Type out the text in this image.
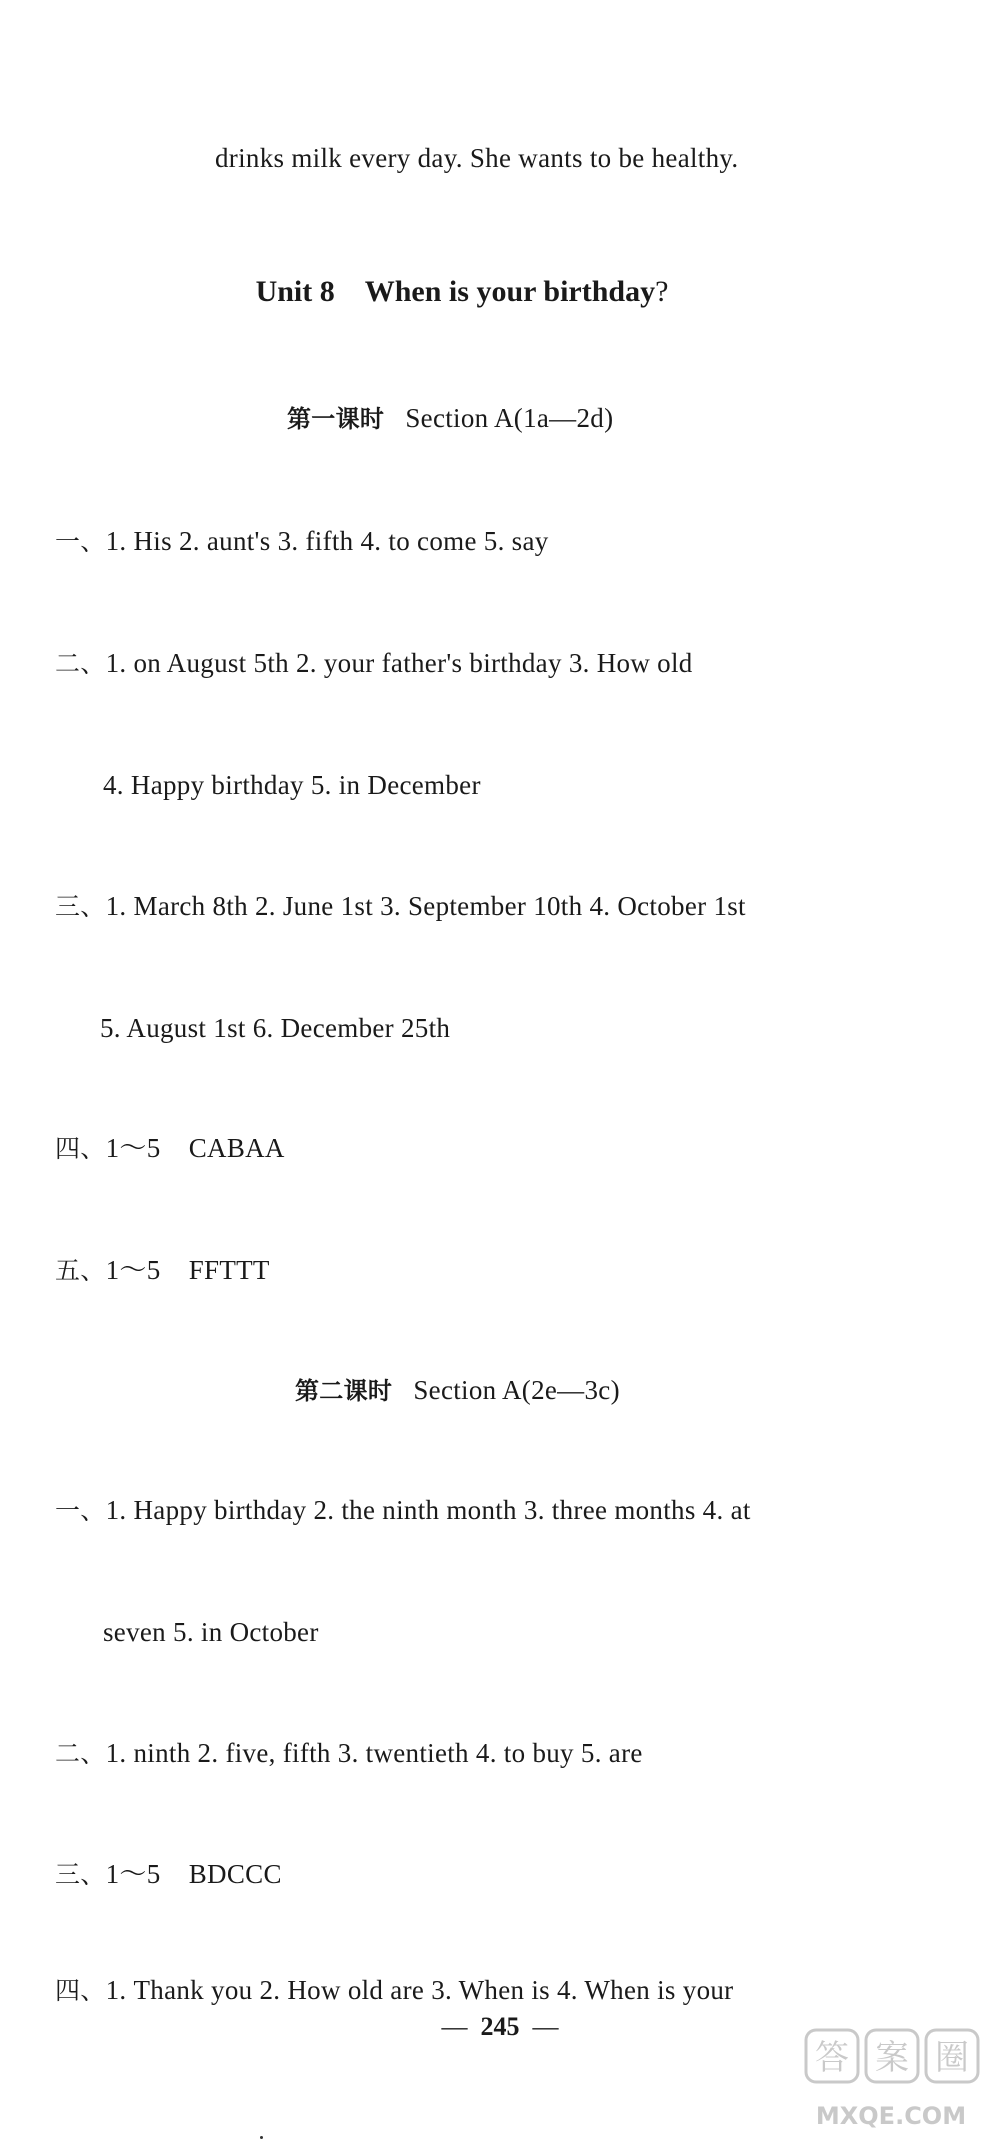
drinks milk every day. She wants to be healthy.
Unit 8 When is your birthday?
第一课时 Section A(1a—2d)
一、1. His 2. aunt's 3. fifth 4. to come 5. say
二、1. on August 5th 2. your father's birthday 3. How old
4. Happy birthday 5. in December
三、1. March 8th 2. June 1st 3. September 10th 4. October 1st
5. August 1st 6. December 25th
四、1～5 CABAA
五、1～5 FFTTT
第二课时 Section A(2e—3c)
一、1. Happy birthday 2. the ninth month 3. three months 4. at
seven 5. in October
二、1. ninth 2. five, fifth 3. twentieth 4. to buy 5. are
三、1～5 BDCCC
四、1. Thank you 2. How old are 3. When is 4. When is your
— 245 —
答 案 圈
MXQE.COM
